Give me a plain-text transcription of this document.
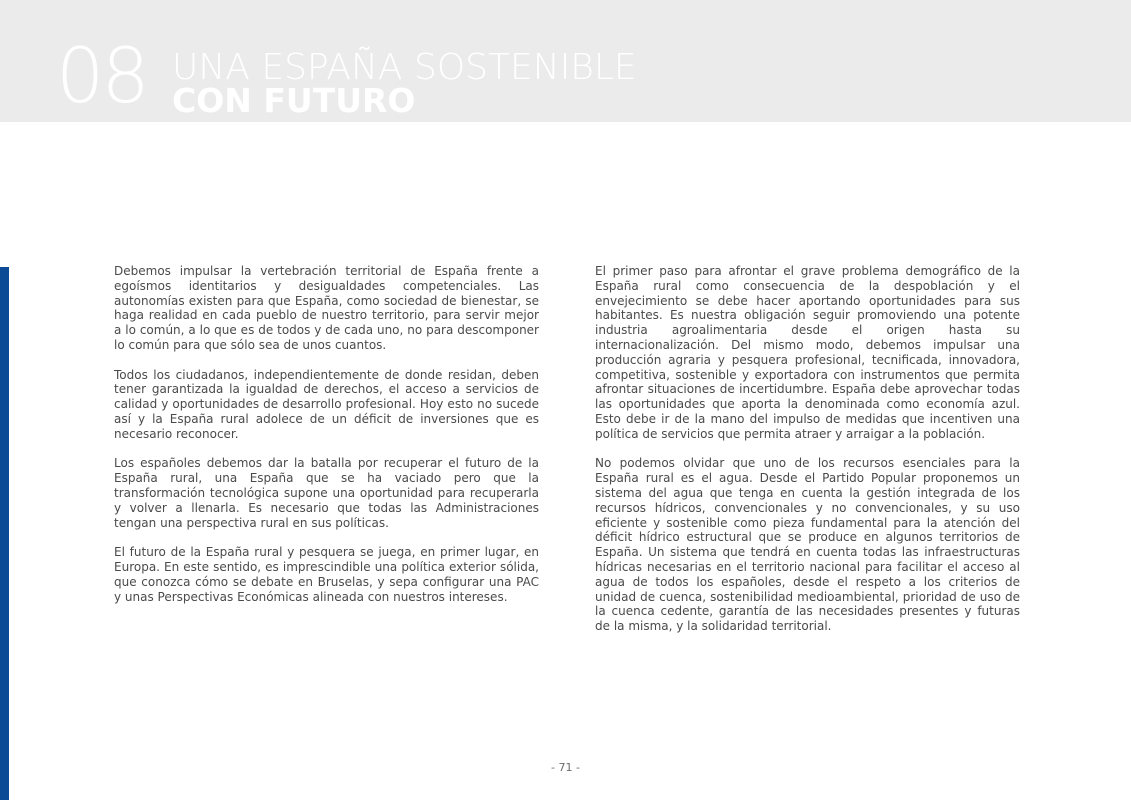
08 UNA ESPAÑA SOSTENIBLE
CON FUTURO

Debemos impulsar la vertebración territorial de España frente a egoísmos identitarios y desigualdades competenciales. Las autonomías existen para que España, como sociedad de bienestar, se haga realidad en cada pueblo de nuestro territorio, para servir mejor a lo común, a lo que es de todos y de cada uno, no para descomponer lo común para que sólo sea de unos cuantos.

Todos los ciudadanos, independientemente de donde residan, deben tener garantizada la igualdad de derechos, el acceso a servicios de calidad y oportunidades de desarrollo profesional. Hoy esto no sucede así y la España rural adolece de un déficit de inversiones que es necesario reconocer.

Los españoles debemos dar la batalla por recuperar el futuro de la España rural, una España que se ha vaciado pero que la transformación tecnológica supone una oportunidad para recuperarla y volver a llenarla. Es necesario que todas las Administraciones tengan una perspectiva rural en sus políticas.

El futuro de la España rural y pesquera se juega, en primer lugar, en Europa. En este sentido, es imprescindible una política exterior sólida, que conozca cómo se debate en Bruselas, y sepa configurar una PAC y unas Perspectivas Económicas alineada con nuestros intereses.

El primer paso para afrontar el grave problema demográfico de la España rural como consecuencia de la despoblación y el envejecimiento se debe hacer aportando oportunidades para sus habitantes. Es nuestra obligación seguir promoviendo una potente industria agroalimentaria desde el origen hasta su internacionalización. Del mismo modo, debemos impulsar una producción agraria y pesquera profesional, tecnificada, innovadora, competitiva, sostenible y exportadora con instrumentos que permita afrontar situaciones de incertidumbre. España debe aprovechar todas las oportunidades que aporta la denominada como economía azul. Esto debe ir de la mano del impulso de medidas que incentiven una política de servicios que permita atraer y arraigar a la población.

No podemos olvidar que uno de los recursos esenciales para la España rural es el agua. Desde el Partido Popular proponemos un sistema del agua que tenga en cuenta la gestión integrada de los recursos hídricos, convencionales y no convencionales, y su uso eficiente y sostenible como pieza fundamental para la atención del déficit hídrico estructural que se produce en algunos territorios de España. Un sistema que tendrá en cuenta todas las infraestructuras hídricas necesarias en el territorio nacional para facilitar el acceso al agua de todos los españoles, desde el respeto a los criterios de unidad de cuenca, sostenibilidad medioambiental, prioridad de uso de la cuenca cedente, garantía de las necesidades presentes y futuras de la misma, y la solidaridad territorial.

- 71 -
